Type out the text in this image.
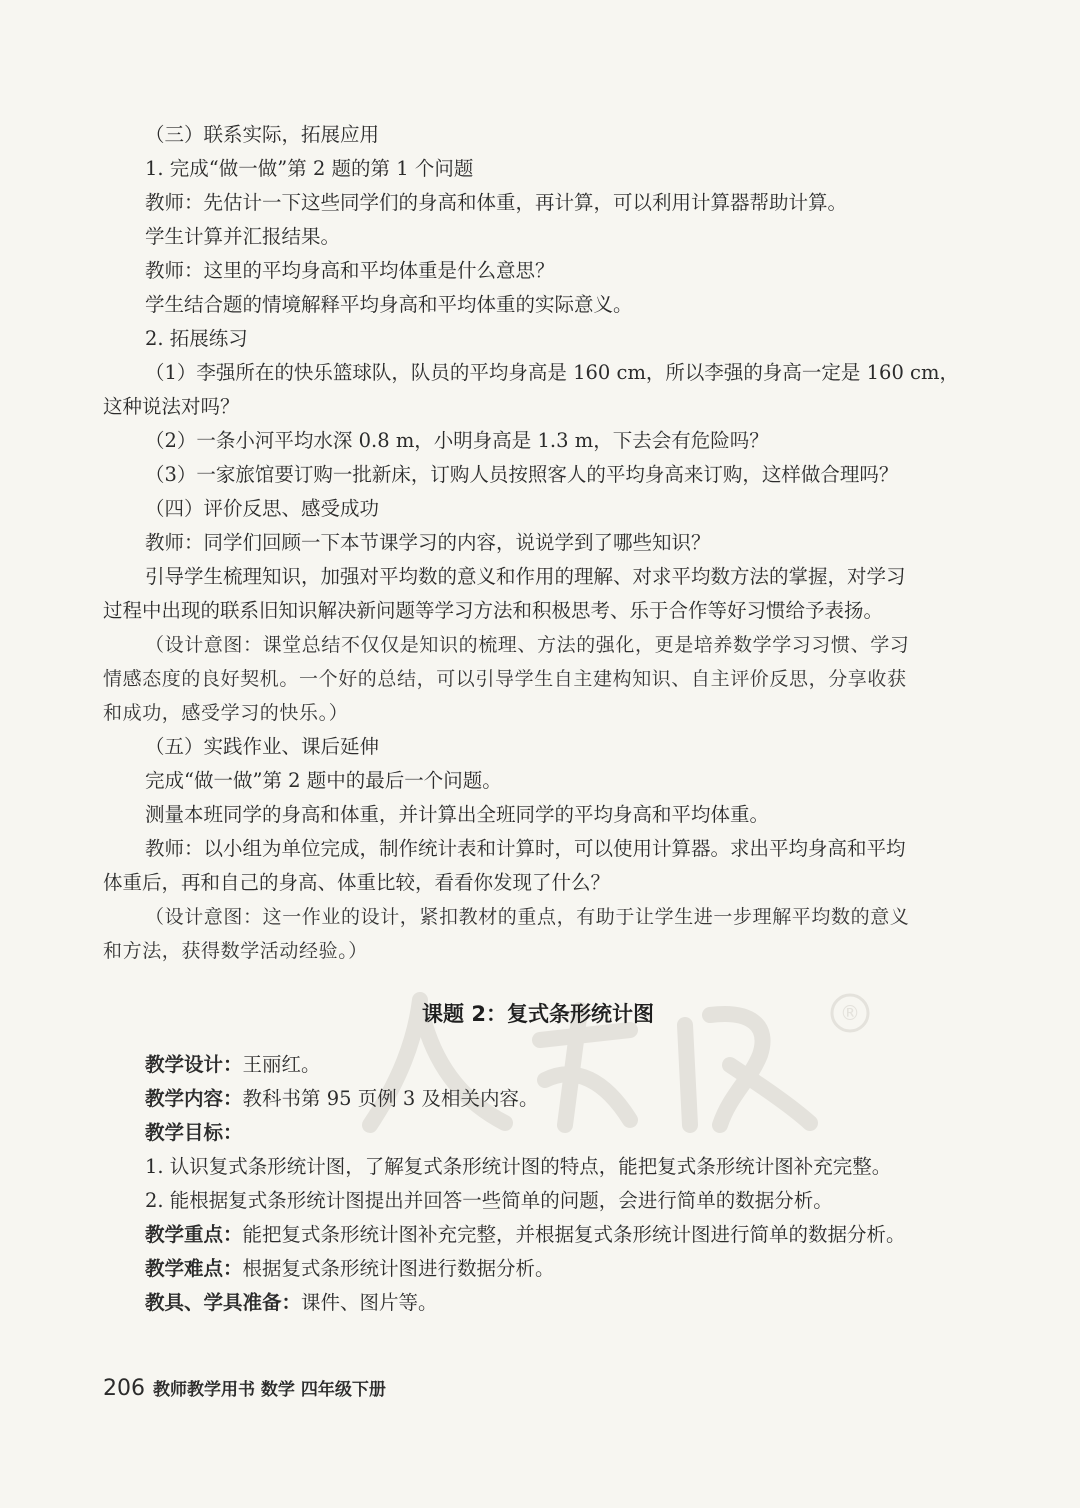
®
（三）联系实际，拓展应用
1. 完成“做一做”第 2 题的第 1 个问题
教师：先估计一下这些同学们的身高和体重，再计算，可以利用计算器帮助计算。
学生计算并汇报结果。
教师：这里的平均身高和平均体重是什么意思？
学生结合题的情境解释平均身高和平均体重的实际意义。
2. 拓展练习
（1）李强所在的快乐篮球队，队员的平均身高是 160 cm，所以李强的身高一定是 160 cm，
这种说法对吗？
（2）一条小河平均水深 0.8 m，小明身高是 1.3 m，下去会有危险吗？
（3）一家旅馆要订购一批新床，订购人员按照客人的平均身高来订购，这样做合理吗？
（四）评价反思、感受成功
教师：同学们回顾一下本节课学习的内容，说说学到了哪些知识？
引导学生梳理知识，加强对平均数的意义和作用的理解、对求平均数方法的掌握，对学习
过程中出现的联系旧知识解决新问题等学习方法和积极思考、乐于合作等好习惯给予表扬。
（设计意图：课堂总结不仅仅是知识的梳理、方法的强化，更是培养数学学习习惯、学习
情感态度的良好契机。一个好的总结，可以引导学生自主建构知识、自主评价反思，分享收获
和成功，感受学习的快乐。）
（五）实践作业、课后延伸
完成“做一做”第 2 题中的最后一个问题。
测量本班同学的身高和体重，并计算出全班同学的平均身高和平均体重。
教师：以小组为单位完成，制作统计表和计算时，可以使用计算器。求出平均身高和平均
体重后，再和自己的身高、体重比较，看看你发现了什么？
（设计意图：这一作业的设计，紧扣教材的重点，有助于让学生进一步理解平均数的意义
和方法，获得数学活动经验。）
课题 2：复式条形统计图
教学设计：王丽红。
教学内容：教科书第 95 页例 3 及相关内容。
教学目标：
1. 认识复式条形统计图，了解复式条形统计图的特点，能把复式条形统计图补充完整。
2. 能根据复式条形统计图提出并回答一些简单的问题，会进行简单的数据分析。
教学重点：能把复式条形统计图补充完整，并根据复式条形统计图进行简单的数据分析。
教学难点：根据复式条形统计图进行数据分析。
教具、学具准备：课件、图片等。
206 教师教学用书 数学 四年级下册
